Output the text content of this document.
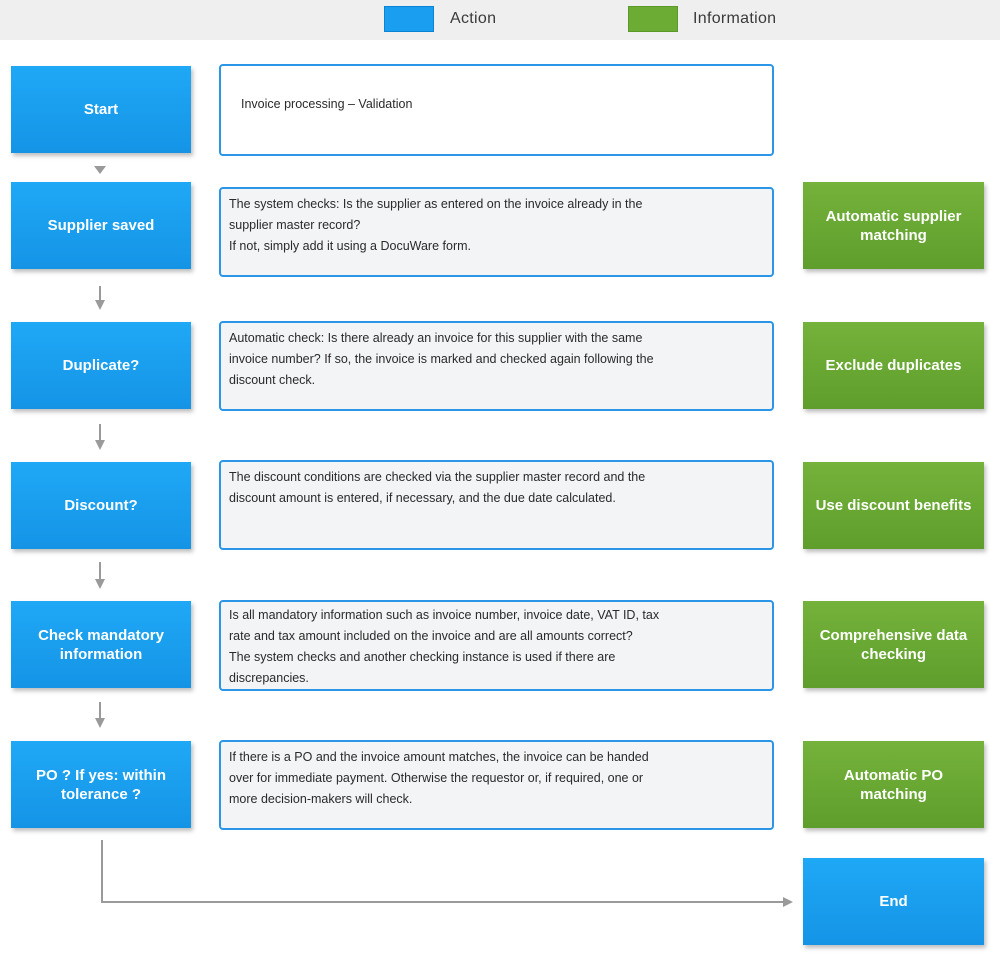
Action	Information
Start	Invoice processing – Validation
Supplier saved
The system checks: Is the supplier as entered on the invoice already in the
supplier master record?
If not, simply add it using a DocuWare form.
Automatic supplier matching
Duplicate?
Automatic check: Is there already an invoice for this supplier with the same
invoice number? If so, the invoice is marked and checked again following the
discount check.
Exclude duplicates
Discount?
The discount conditions are checked via the supplier master record and the
discount amount is entered, if necessary, and the due date calculated.	Use discount benefits
Check mandatory information
Is all mandatory information such as invoice number, invoice date, VAT ID, tax
rate and tax amount included on the invoice and are all amounts correct?
The system checks and another checking instance is used if there are
discrepancies.
Comprehensive data checking
PO ? If yes: within tolerance ?
If there is a PO and the invoice amount matches, the invoice can be handed
over for immediate payment. Otherwise the requestor or, if required, one or
more decision-makers will check.
Automatic PO matching
End
